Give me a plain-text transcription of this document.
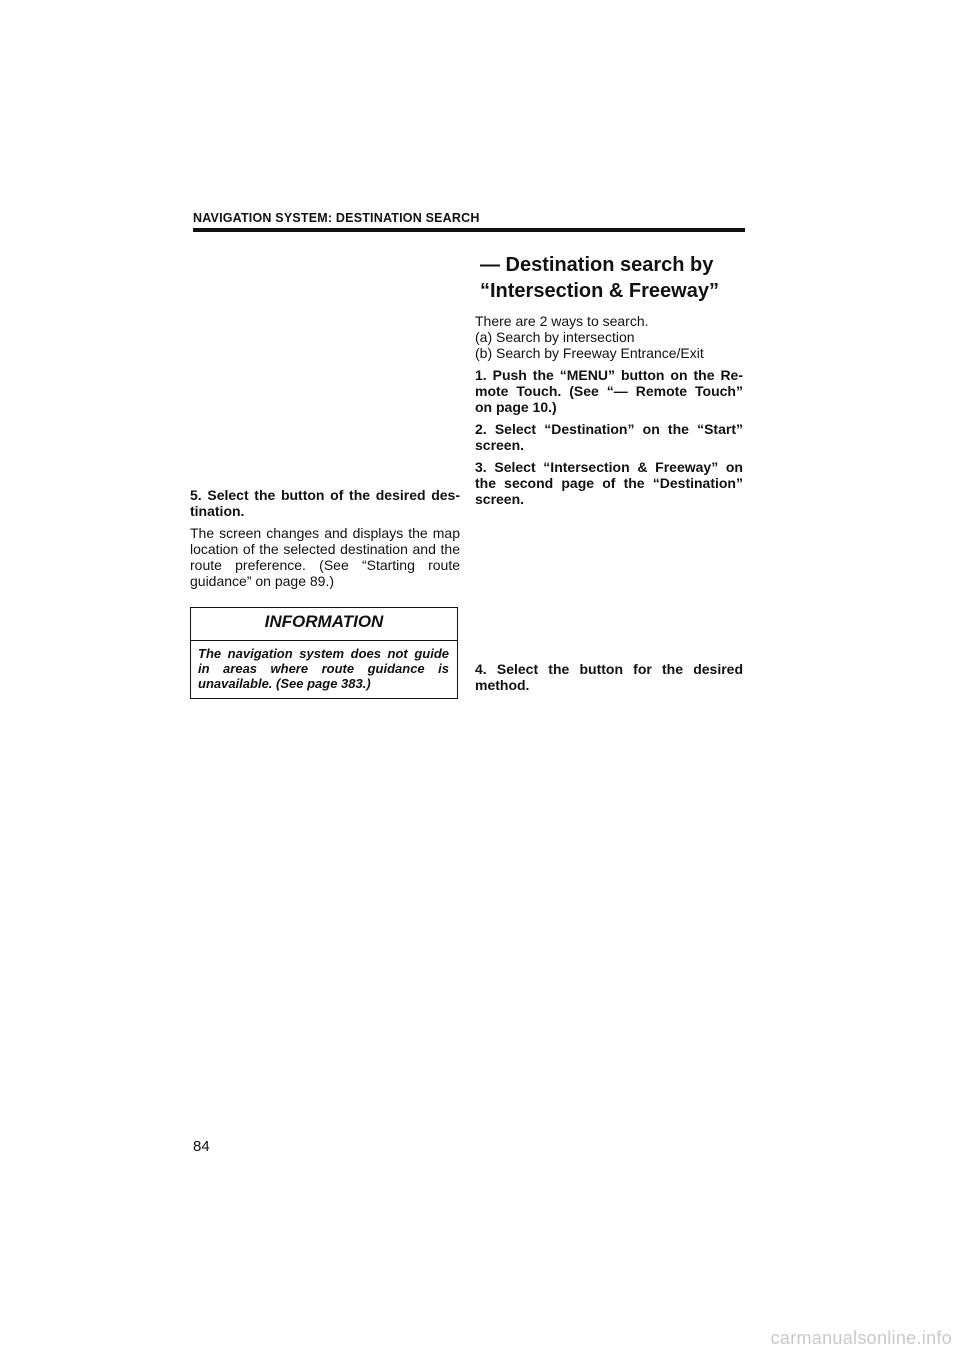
NAVIGATION SYSTEM: DESTINATION SEARCH

5. Select the button of the desired des- tination.

The screen changes and displays the map location of the selected destination and the route preference. (See “Starting route guidance” on page 89.)

INFORMATION
The navigation system does not guide in areas where route guidance is unavailable. (See page 383.)
— Destination search by
“Intersection & Freeway”
There are 2 ways to search.
(a) Search by intersection
(b) Search by Freeway Entrance/Exit

1. Push the “MENU” button on the Re- mote Touch. (See “— Remote Touch” on page 10.)

2. Select “Destination” on the “Start” screen.

3. Select “Intersection & Freeway” on the second page of the “Destination” screen.

4. Select the button for the desired method.

84
carmanualsonline.info
